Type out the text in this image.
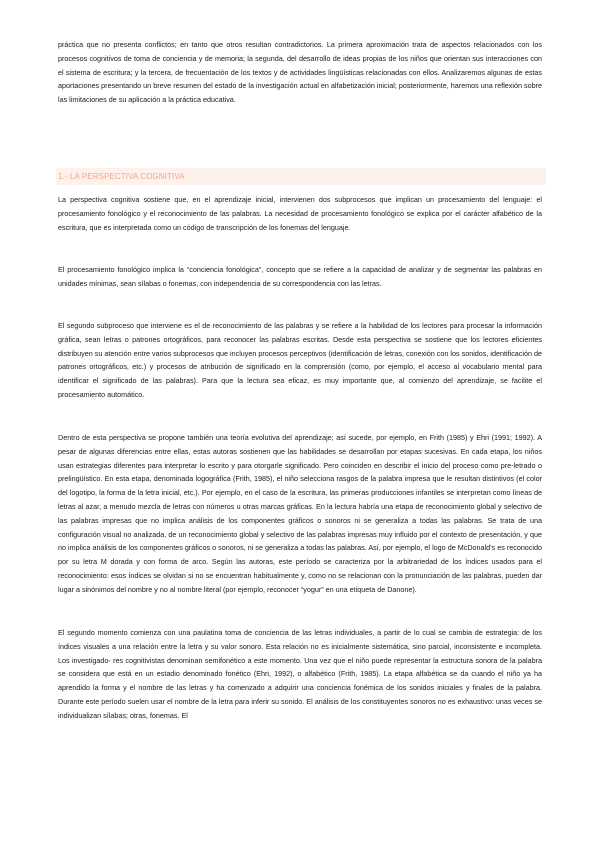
práctica que no presenta conflictos; en tanto que otros resultan contradictorios. La primera aproximación trata de aspectos relacionados con los procesos cognitivos de toma de conciencia y de memoria; la segunda, del desarrollo de ideas propias de los niños que orientan sus interacciones con el sistema de escritura; y la tercera, de frecuentación de los textos y de actividades lingüísticas relacionadas con ellos. Analizaremos algunas de estas aportaciones presentando un breve resumen del estado de la investigación actual en alfabetización inicial; posteriormente, haremos una reflexión sobre las limitaciones de su aplicación a la práctica educativa.

1.- LA PERSPECTIVA COGNITIVA

La perspectiva cognitiva sostiene que, en el aprendizaje inicial, intervienen dos subprocesos que implican un procesamiento del lenguaje: el procesamiento fonológico y el reconocimiento de las palabras. La necesidad de procesamiento fonológico se explica por el carácter alfabético de la escritura, que es interpretada como un código de transcripción de los fonemas del lenguaje.

El procesamiento fonológico implica la “conciencia fonológica”, concepto que se refiere a la capacidad de analizar y de segmentar las palabras en unidades mínimas, sean sílabas o fonemas, con independencia de su correspondencia con las letras.

El segundo subproceso que interviene es el de reconocimiento de las palabras y se refiere a la habilidad de los lectores para procesar la información gráfica, sean letras o patrones ortográficos, para reconocer las palabras escritas. Desde esta perspectiva se sostiene que los lectores eficientes distribuyen su atención entre varios subprocesos que incluyen procesos perceptivos (identificación de letras, conexión con los sonidos, identificación de patrones ortográficos, etc.) y procesos de atribución de significado en la comprensión (como, por ejemplo, el acceso al vocabulario mental para identificar el significado de las palabras). Para que la lectura sea eficaz, es muy importante que, al comienzo del aprendizaje, se facilite el procesamiento automático.

Dentro de esta perspectiva se propone también una teoría evolutiva del aprendizaje; así sucede, por ejemplo, en Frith (1985) y Ehri (1991; 1992). A pesar de algunas diferencias entre ellas, estas autoras sostienen que las habilidades se desarrollan por etapas sucesivas. En cada etapa, los niños usan estrategias diferentes para interpretar lo escrito y para otorgarle significado. Pero coinciden en describir el inicio del proceso como pre-letrado o prelingüístico. En esta etapa, denominada logográfica (Frith, 1985), el niño selecciona rasgos de la palabra impresa que le resultan distintivos (el color del logotipo, la forma de la letra inicial, etc.). Por ejemplo, en el caso de la escritura, las primeras producciones infantiles se interpretan como líneas de letras al azar, a menudo mezcla de letras con números u otras marcas gráficas. En la lectura habría una etapa de reconocimiento global y selectivo de las palabras impresas que no implica análisis de los componentes gráficos o sonoros ni se generaliza a todas las palabras. Se trata de una configuración visual no analizada, de un reconocimiento global y selectivo de las palabras impresas muy influido por el contexto de presentación, y que no implica análisis de los componentes gráficos o sonoros, ni se generaliza a todas las palabras. Así, por ejemplo, el logo de McDonald’s es reconocido por su letra M dorada y con forma de arco. Según las autoras, este período se caracteriza por la arbitrariedad de los índices usados para el reconocimiento: esos índices se olvidan si no se encuentran habitualmente y, como no se relacionan con la pronunciación de las palabras, pueden dar lugar a sinónimos del nombre y no al nombre literal (por ejemplo, reconocer “yogur” en una etiqueta de Danone).

El segundo momento comienza con una paulatina toma de conciencia de las letras individuales, a partir de lo cual se cambia de estrategia: de los índices visuales a una relación entre la letra y su valor sonoro. Esta relación no es inicialmente sistemática, sino parcial, inconsistente e incompleta. Los investigado- res cognitivistas denominan semifonético a este momento. Una vez que el niño puede representar la estructura sonora de la palabra se considera que está en un estadio denominado fonético (Ehri, 1992), o alfabético (Frith, 1985). La etapa alfabética se da cuando el niño ya ha aprendido la forma y el nombre de las letras y ha comenzado a adquirir una conciencia fonémica de los sonidos iniciales y finales de la palabra. Durante este período suelen usar el nombre de la letra para inferir su sonido. El análisis de los constituyentes sonoros no es exhaustivo: unas veces se individualizan sílabas; otras, fonemas. El
